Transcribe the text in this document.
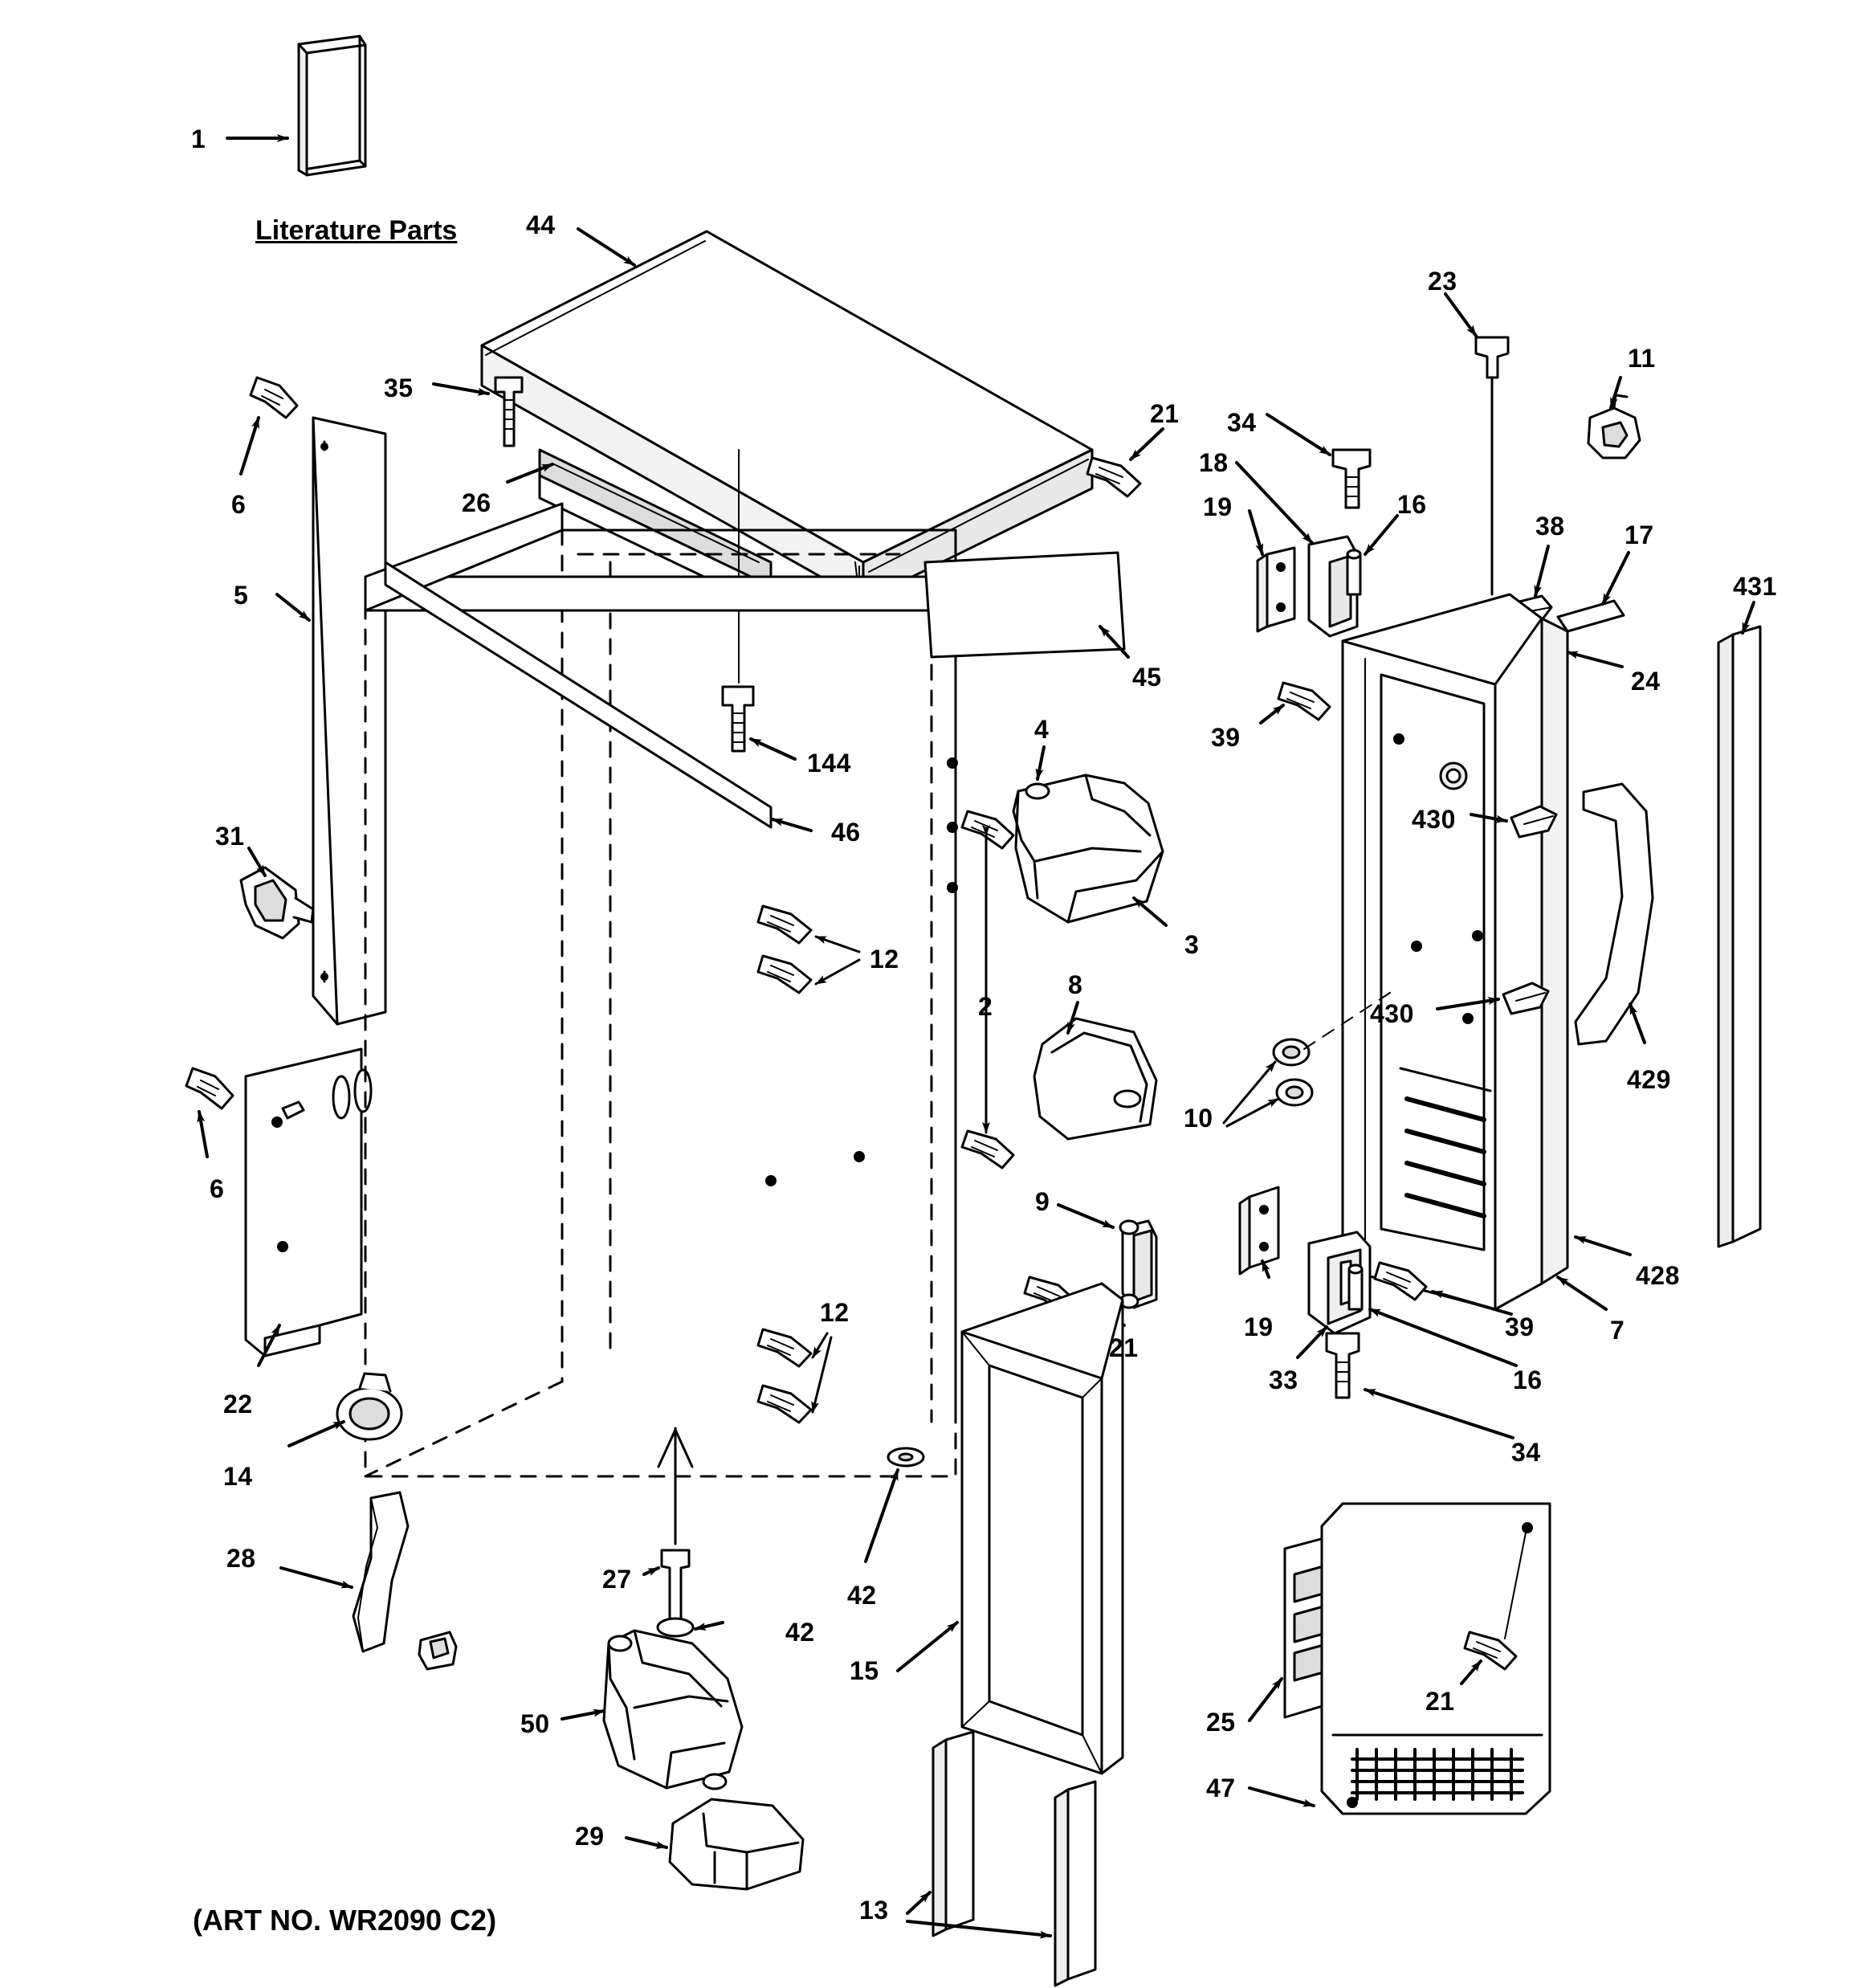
Literature Parts
1
44
35
6	26
21
23
11
34
18
19	16
38 17
431
5
45	24
144
4	39
31	46	430
12	3
2
8
430
429
6
10
9
19
428
22
12
21
39	7
33	16
34
14
28
42
27
42
15
25
21
50
47
29
13
(ART NO. WR2090 C2)
